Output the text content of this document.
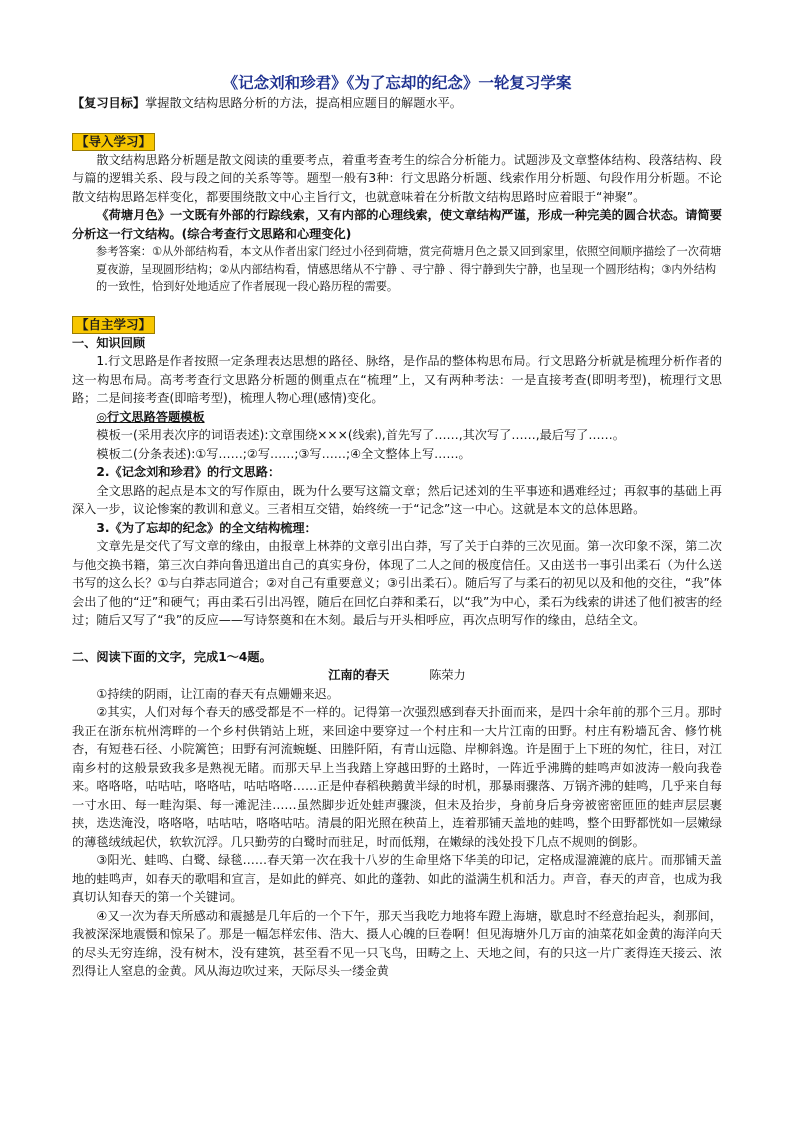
《记念刘和珍君》《为了忘却的纪念》一轮复习学案

【复习目标】掌握散文结构思路分析的方法，提高相应题目的解题水平。

【导入学习】

散文结构思路分析题是散文阅读的重要考点，着重考查考生的综合分析能力。试题涉及文章整体结构、段落结构、段与篇的逻辑关系、段与段之间的关系等等。题型一般有3种：行文思路分析题、线索作用分析题、句段作用分析题。不论散文结构思路怎样变化，都要围绕散文中心主旨行文，也就意味着在分析散文结构思路时应着眼于“神聚”。

《荷塘月色》一文既有外部的行踪线索，又有内部的心理线索，使文章结构严谨，形成一种完美的圆合状态。请简要分析这一行文结构。(综合考查行文思路和心理变化)

参考答案：①从外部结构看，本文从作者出家门经过小径到荷塘，赏完荷塘月色之景又回到家里，依照空间顺序描绘了一次荷塘夏夜游，呈现圆形结构；②从内部结构看，情感思绪从不宁静 、寻宁静 、得宁静到失宁静，也呈现一个圆形结构；③内外结构的一致性，恰到好处地适应了作者展现一段心路历程的需要。

【自主学习】

一、知识回顾

1.行文思路是作者按照一定条理表达思想的路径、脉络，是作品的整体构思布局。行文思路分析就是梳理分析作者的这一构思布局。高考考查行文思路分析题的侧重点在“梳理”上，又有两种考法：一是直接考查(即明考型)，梳理行文思路；二是间接考查(即暗考型)，梳理人物心理(感情)变化。

◎行文思路答题模板

模板一(采用表次序的词语表述):文章围绕×××(线索),首先写了……,其次写了……,最后写了……。

模板二(分条表述):①写……;②写……;③写……;④全文整体上写……。

2.《记念刘和珍君》的行文思路：

全文思路的起点是本文的写作原由，既为什么要写这篇文章；然后记述刘的生平事迹和遇难经过；再叙事的基础上再深入一步，议论惨案的教训和意义。三者相互交错，始终统一于“记念”这一中心。这就是本文的总体思路。

3.《为了忘却的纪念》的全文结构梳理：

文章先是交代了写文章的缘由，由报章上林莽的文章引出白莽，写了关于白莽的三次见面。第一次印象不深，第二次与他交换书籍，第三次白莽向鲁迅道出自己的真实身份，体现了二人之间的极度信任。又由送书一事引出柔石（为什么送书写的这么长？①与白莽志同道合；②对自己有重要意义；③引出柔石）。随后写了与柔石的初见以及和他的交往，“我”体会出了他的“迂”和硬气；再由柔石引出冯铿，随后在回忆白莽和柔石，以“我”为中心，柔石为线索的讲述了他们被害的经过；随后又写了“我”的反应——写诗祭奠和在木刻。最后与开头相呼应，再次点明写作的缘由，总结全文。

二、阅读下面的文字，完成1～4题。

江南的春天	陈荣力

①持续的阴雨，让江南的春天有点姗姗来迟。

②其实，人们对每个春天的感受都是不一样的。记得第一次强烈感到春天扑面而来，是四十余年前的那个三月。那时我正在浙东杭州湾畔的一个乡村供销站上班，来回途中要穿过一个村庄和一大片江南的田野。村庄有粉墙瓦舍、修竹桃杏，有短巷石径、小院篱笆；田野有河流蜿蜒、田塍阡陌，有青山远隐、岸柳斜逸。许是囿于上下班的匆忙，往日，对江南乡村的这般景致我多是熟视无睹。而那天早上当我踏上穿越田野的土路时，一阵近乎沸腾的蛙鸣声如波涛一般向我卷来。咯咯咯，咕咕咕，咯咯咕，咕咕咯咯……正是仲春稻秧鹅黄半绿的时机，那暴雨骤落、万锅齐沸的蛙鸣，几乎来自每一寸水田、每一畦沟渠、每一滩泥洼……虽然脚步近处蛙声骤淡，但未及抬步，身前身后身旁被密密匝匝的蛙声层层裹挟，迭迭淹没，咯咯咯，咕咕咕，咯咯咕咕。清晨的阳光照在秧苗上，连着那铺天盖地的蛙鸣，整个田野都恍如一层嫩绿的薄毯绒绒起伏，软软沉浮。几只勤劳的白鹭时而驻足，时而低翔，在嫩绿的浅处投下几点不规则的倒影。

③阳光、蛙鸣、白鹭、绿毯……春天第一次在我十八岁的生命里烙下华美的印记，定格成湿漉漉的底片。而那铺天盖地的蛙鸣声，如春天的歌唱和宣言，是如此的鲜亮、如此的蓬勃、如此的溢满生机和活力。声音，春天的声音，也成为我真切认知春天的第一个关键词。

④又一次为春天所感动和震撼是几年后的一个下午，那天当我吃力地将车蹬上海塘，歇息时不经意抬起头，刹那间，我被深深地震慑和惊呆了。那是一幅怎样宏伟、浩大、摄人心魄的巨卷啊！但见海塘外几万亩的油菜花如金黄的海洋向天的尽头无穷连绵，没有树木，没有建筑，甚至看不见一只飞鸟，田畴之上、天地之间，有的只这一片广袤得连天接云、浓烈得让人窒息的金黄。风从海边吹过来，天际尽头一缕金黄
